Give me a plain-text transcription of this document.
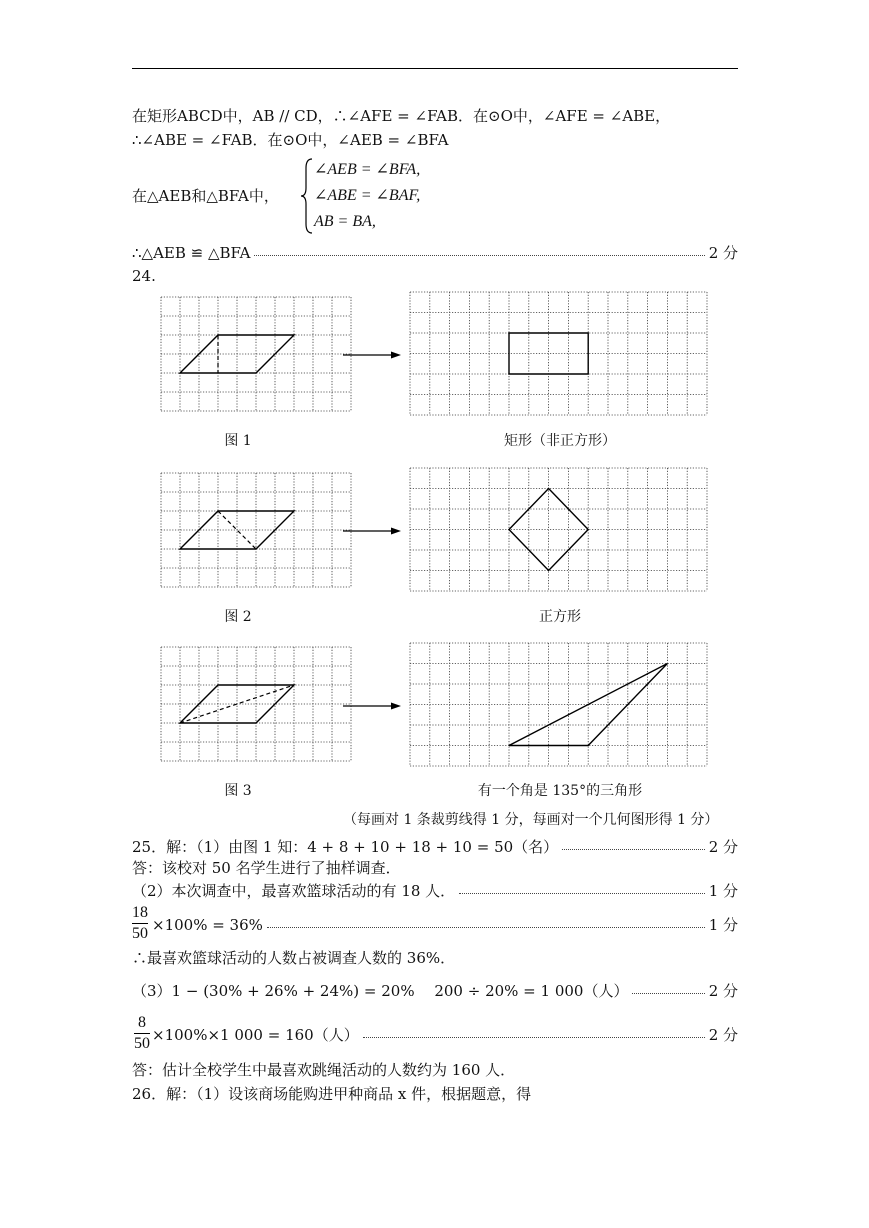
在矩形ABCD中，AB // CD，∴∠AFE = ∠FAB．在⊙O中，∠AFE = ∠ABE，
∴∠ABE = ∠FAB．在⊙O中，∠AEB = ∠BFA
在△AEB和△BFA中，
∠AEB = ∠BFA,
∠ABE = ∠BAF,
AB = BA,
∴△AEB ≌ △BFA	2 分
24.
图 1	矩形（非正方形）
图 2	正方形
图 3	有一个角是 135°的三角形
（每画对 1 条裁剪线得 1 分，每画对一个几何图形得 1 分）
25．解：（1）由图 1 知：4 + 8 + 10 + 18 + 10 = 50（名）	2 分
答：该校对 50 名学生进行了抽样调查．
（2）本次调查中，最喜欢篮球活动的有 18 人．	1 分
18
50 ×100% = 36%	1 分
∴最喜欢篮球活动的人数占被调查人数的 36%．
（3）1 − (30% + 26% + 24%) = 20%　 200 ÷ 20% = 1 000（人）	2 分
8
50 ×100%×1 000 = 160（人）	2 分
答：估计全校学生中最喜欢跳绳活动的人数约为 160 人．
26．解：（1）设该商场能购进甲种商品 x 件，根据题意，得
